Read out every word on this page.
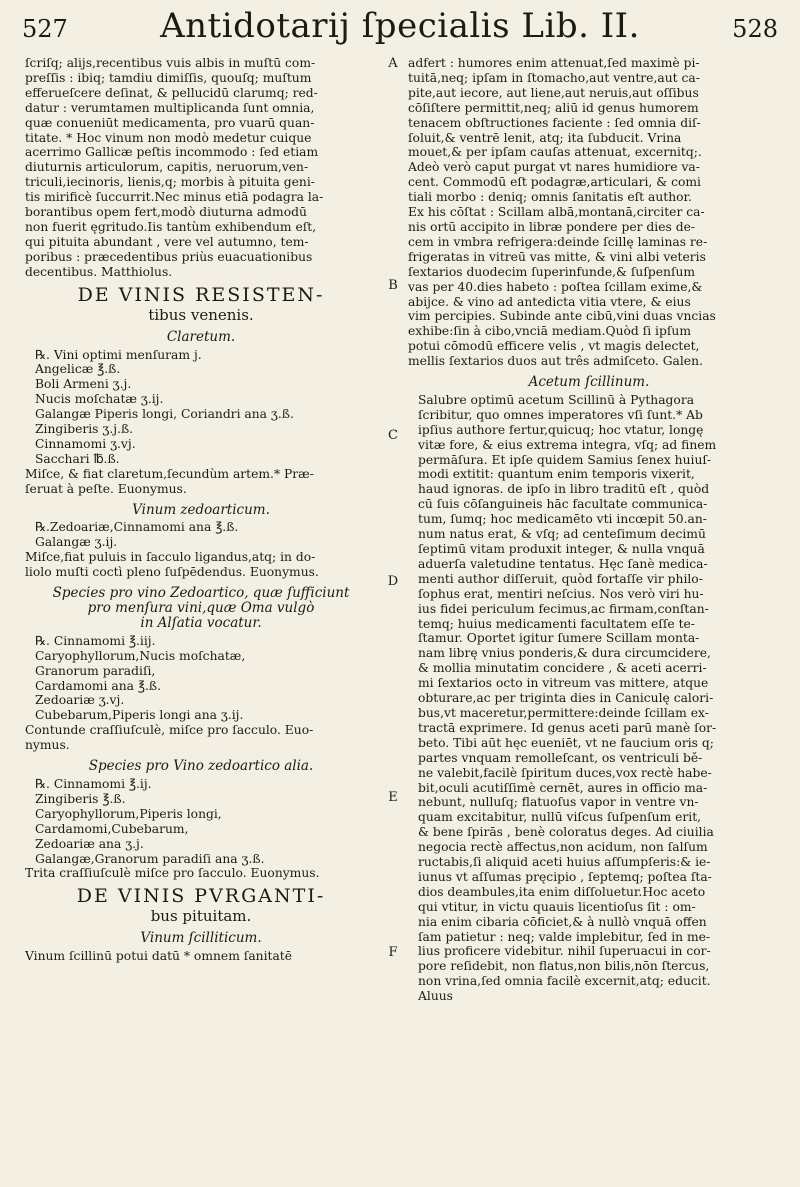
527	Antidotarij ſpecialis Lib. II.	528

ſcriſq; alijs,recentibus vuis albis in muſtū com-
preſſis : ibiq; tamdiu dimiſſis, quouſq; muſtum
efferueſcere deſinat, & pellucidū clarumq; red-
datur : verumtamen multiplicanda ſunt omnia,
quæ conueniūt medicamenta, pro vuarū quan-
titate. * Hoc vinum non modò medetur cuique
acerrimo Gallicæ peſtis incommodo : ſed etiam
diuturnis articulorum, capitis, neruorum,ven-
triculi,iecinoris, lienis,q; morbis à pituita geni-
tis mirificè ſuccurrit.Nec minus etiā podagra la-
borantibus opem fert,modò diuturna admodū
non fuerit ęgritudo.Iis tantùm exhibendum eſt,
qui pituita abundant , vere vel autumno, tem-
poribus : præcedentibus priùs euacuationibus
decentibus. Matthiolus.

DE VINIS RESISTEN-
tibus venenis.
Claretum.
℞. Vini optimi menſuram j.
Angelicæ ℥.ß.
Boli Armeni ʒ.j.
Nucis moſchatæ ʒ.ij.
Galangæ Piperis longi, Coriandri ana ʒ.ß.
Zingiberis ʒ.j.ß.
Cinnamomi ʒ.vj.
Sacchari ℔.ß.

Miſce, & fiat claretum,ſecundùm artem.* Præ-
ſeruat à peſte. Euonymus.

Vinum zedoarticum.
℞.Zedoariæ,Cinnamomi ana ℥.ß.
Galangæ ʒ.ij.

Miſce,fiat puluis in ſacculo ligandus,atq; in do-
liolo muſti coctì pleno ſuſpēdendus. Euonymus.

Species pro vino Zedoartico, quæ ſufficiunt
pro menſura vini,quæ Oma vulgò
in Alſatia vocatur.
℞. Cinnamomi ℥.iij.
Caryophyllorum,Nucis moſchatæ,
Granorum paradiſi,
Cardamomi ana ℥.ß.
Zedoariæ ʒ.vj.
Cubebarum,Piperis longi ana ʒ.ij.

Contunde craſſiuſculè, miſce pro ſacculo. Euo-
nymus.

Species pro Vino zedoartico alia.
℞. Cinnamomi ℥.ij.
Zingiberis ℥.ß.
Caryophyllorum,Piperis longi,
Cardamomi,Cubebarum,
Zedoariæ ana ʒ.j.
Galangæ,Granorum paradiſi ana ʒ.ß.

Trita craſſiuſculè miſce pro ſacculo. Euonymus.

DE VINIS PVRGANTI-
bus pituitam.
Vinum ſcilliticum.

Vinum ſcillinū potui datū * omnem ſanitatē

A
B
C
D
E
F

adfert : humores enim attenuat,ſed maximè pi-
tuitā,neq; ipſam in ſtomacho,aut ventre,aut ca-
pite,aut iecore, aut liene,aut neruis,aut oſſibus
cōſiſtere permittit,neq; aliū id genus humorem
tenacem obſtructiones faciente : ſed omnia diſ-
ſoluit,& ventrē lenit, atq; ita ſubducit. Vrina
mouet,& per ipſam cauſas attenuat, excernitq;.
Adeò verò caput purgat vt nares humidiore va-
cent. Commodū eſt podagræ,articulari, & comi
tiali morbo : deniq; omnis ſanitatis eſt author.
Ex his cōſtat : Scillam albā,montanā,circiter ca-
nis ortū accipito in libræ pondere per dies de-
cem in vmbra refrigera:deinde ſcillę laminas re-
frigeratas in vitreū vas mitte, & vini albi veteris
ſextarios duodecim ſuperinfunde,& ſuſpenſum
vas per 40.dies habeto : poſtea ſcillam exime,&
abijce. & vino ad antedicta vitia vtere, & eius
vim percipies. Subinde ante cibū,vini duas vncias
exhibe:ſin à cibo,vnciā mediam.Quòd ſi ipſum
potui cōmodū efficere velis , vt magis delectet,
mellis ſextarios duos aut três admiſceto. Galen.

Acetum ſcillinum.

Salubre optimū acetum Scillinū à Pythagora
ſcribitur, quo omnes imperatores vſi ſunt.* Ab
ipſius authore fertur,quicuq; hoc vtatur, longę
vitæ fore, & eius extrema integra, vſq; ad finem
permāſura. Et ipſe quidem Samius ſenex huiuſ-
modi extitit: quantum enim temporis vixerit,
haud ignoras. de ipſo in libro traditū eſt , quòd
cū ſuis cōſanguineis hāc facultate communica-
tum, ſumq; hoc medicamēto vti incœpit 50.an-
num natus erat, & vſq; ad centeſimum decimū
ſeptimū vitam produxit integer, & nulla vnquā
aduerſa valetudine tentatus. Hęc ſanè medica-
menti author diſſeruit, quòd fortaſſe vir philo-
ſophus erat, mentiri neſcius. Nos verò viri hu-
ius fidei periculum fecimus,ac firmam,conſtan-
temq; huius medicamenti facultatem eſſe te-
ſtamur. Oportet igitur ſumere Scillam monta-
nam librę vnius ponderis,& dura circumcidere,
& mollia minutatim concidere , & aceti acerri-
mi ſextarios octo in vitreum vas mittere, atque
obturare,ac per triginta dies in Caniculę calori-
bus,vt maceretur,permittere:deinde ſcillam ex-
tractā exprimere. Id genus aceti parū manè ſor-
beto. Tibi aūt hęc eueniēt, vt ne faucium oris q;
partes vnquam remolleſcant, os ventriculi bě-
ne valebit,facilè ſpiritum duces,vox rectè habe-
bit,oculi acutiſſimè cernēt, aures in officio ma-
nebunt, nulluſq; flatuoſus vapor in ventre vn-
quam excitabitur, nullū viſcus ſuſpenſum erit,
& bene ſpirās , benè coloratus deges. Ad ciuilia
negocia rectè affectus,non acidum, non ſalſum
ructabis,ſi aliquid aceti huius aſſumpſeris:& ie-
iunus vt aſſumas pręcipio , ſeptemq; poſtea ſta-
dios deambules,ita enim diſſoluetur.Hoc aceto
qui vtitur, in victu quauis licentioſus ſit : om-
nia enim cibaria cōficiet,& à nullò vnquā offen
ſam patietur : neq; valde implebitur, ſed in me-
lius proficere videbitur. nihil ſuperuacui in cor-
pore reſidebit, non flatus,non bilis,nōn ſtercus,
non vrina,ſed omnia facilè excernit,atq; educit.
Aluus
